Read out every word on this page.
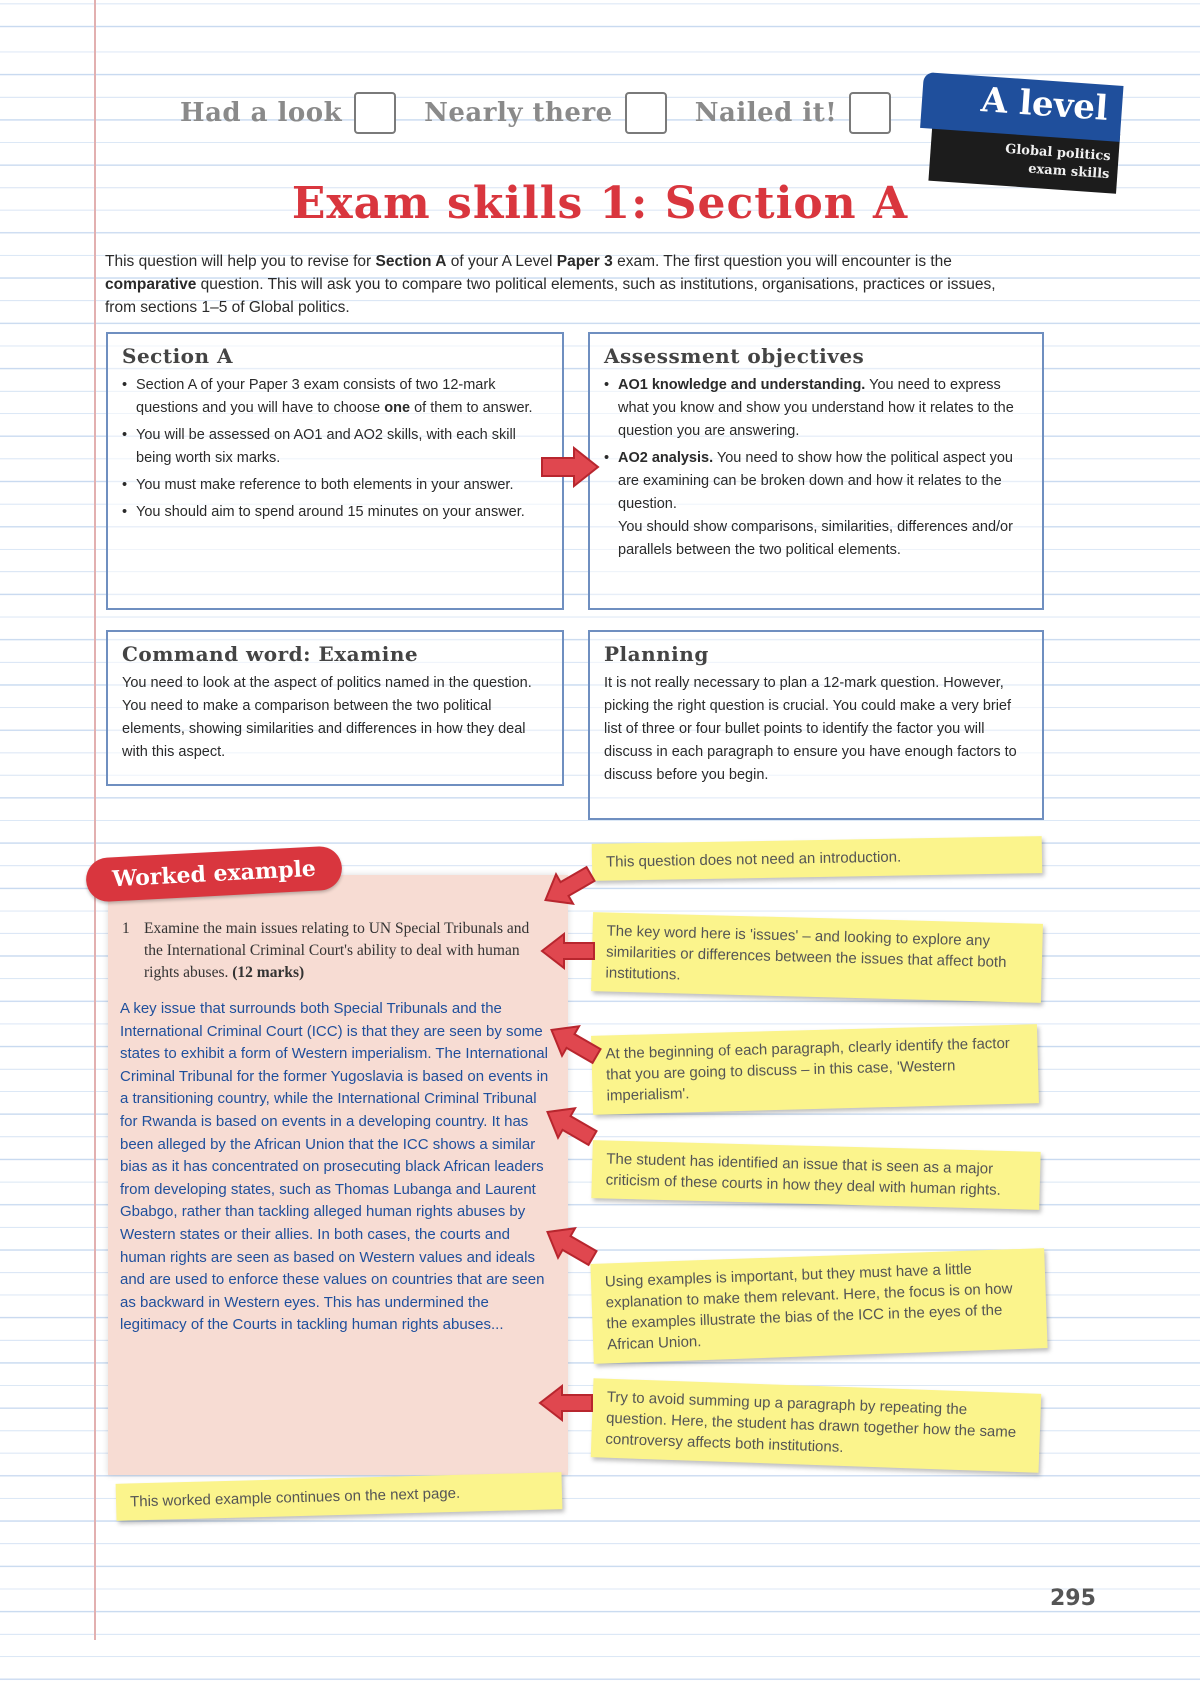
Had a look	Nearly there	Nailed it!
Global politics
exam skills
A level
Exam skills 1: Section A
This question will help you to revise for Section A of your A Level Paper 3 exam. The first question you will encounter is the comparative question. This will ask you to compare two political elements, such as institutions, organisations, practices or issues, from sections 1–5 of Global politics.
Section A
• Section A of your Paper 3 exam consists of two 12-mark questions and you will have to choose one of them to answer.
• You will be assessed on AO1 and AO2 skills, with each skill being worth six marks.
• You must make reference to both elements in your answer.
• You should aim to spend around 15 minutes on your answer.
Assessment objectives
• AO1 knowledge and understanding. You need to express what you know and show you understand how it relates to the question you are answering.
• AO2 analysis. You need to show how the political aspect you are examining can be broken down and how it relates to the question.
You should show comparisons, similarities, differences and/or parallels between the two political elements.
Command word: Examine

You need to look at the aspect of politics named in the question. You need to make a comparison between the two political elements, showing similarities and differences in how they deal with this aspect.

Planning

It is not really necessary to plan a 12-mark question. However, picking the right question is crucial. You could make a very brief list of three or four bullet points to identify the factor you will discuss in each paragraph to ensure you have enough factors to discuss before you begin.

Worked example
1 Examine the main issues relating to UN Special Tribunals and the International Criminal Court's ability to deal with human rights abuses. (12 marks)

A key issue that surrounds both Special Tribunals and the International Criminal Court (ICC) is that they are seen by some states to exhibit a form of Western imperialism. The International Criminal Tribunal for the former Yugoslavia is based on events in a transitioning country, while the International Criminal Tribunal for Rwanda is based on events in a developing country. It has been alleged by the African Union that the ICC shows a similar bias as it has concentrated on prosecuting black African leaders from developing states, such as Thomas Lubanga and Laurent Gbabgo, rather than tackling alleged human rights abuses by Western states or their allies. In both cases, the courts and human rights are seen as based on Western values and ideals and are used to enforce these values on countries that are seen as backward in Western eyes. This has undermined the legitimacy of the Courts in tackling human rights abuses...

This worked example continues on the next page.
This question does not need an introduction.
The key word here is 'issues' – and looking to explore any similarities or differences between the issues that affect both institutions.
At the beginning of each paragraph, clearly identify the factor that you are going to discuss – in this case, 'Western imperialism'.
The student has identified an issue that is seen as a major criticism of these courts in how they deal with human rights.
Using examples is important, but they must have a little explanation to make them relevant. Here, the focus is on how the examples illustrate the bias of the ICC in the eyes of the African Union.
Try to avoid summing up a paragraph by repeating the question. Here, the student has drawn together how the same controversy affects both institutions.
295
